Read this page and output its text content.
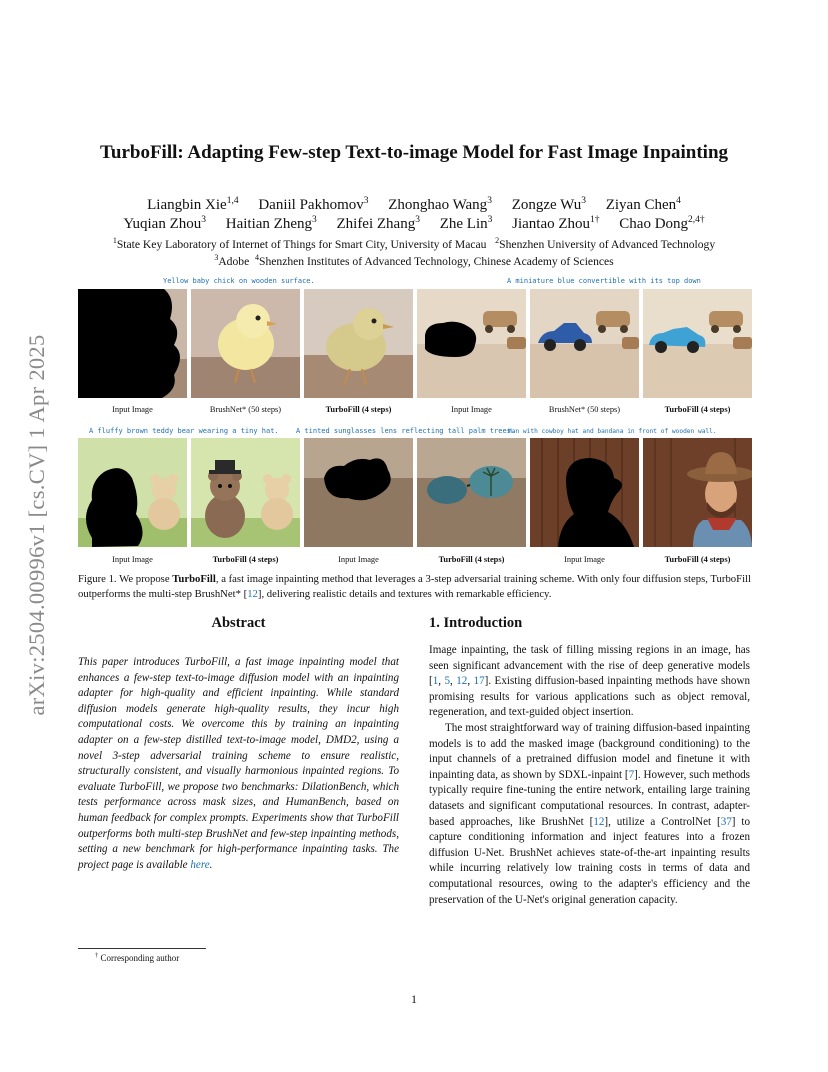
arXiv:2504.00996v1 [cs.CV] 1 Apr 2025
TurboFill: Adapting Few-step Text-to-image Model for Fast Image Inpainting
Liangbin Xie$^{1,4}$ Daniil Pakhomov$^3$ Zhonghao Wang$^3$ Zongze Wu$^3$ Ziyan Chen$^4$
Yuqian Zhou$^3$ Haitian Zheng$^3$ Zhifei Zhang$^3$ Zhe Lin$^3$ Jiantao Zhou$^{1\dagger}$ Chao Dong$^{2,4\dagger}$
$^1$State Key Laboratory of Internet of Things for Smart City, University of Macau $^2$Shenzhen University of Advanced Technology
$^3$Adobe $^4$Shenzhen Institutes of Advanced Technology, Chinese Academy of Sciences
Yellow baby chick on wooden surface.	A miniature blue convertible with its top down
Input Image	BrushNet* (50 steps)	TurboFill (4 steps)	Input Image	BrushNet* (50 steps)	TurboFill (4 steps)
A fluffy brown teddy bear wearing a tiny hat. A tinted sunglasses lens reflecting tall palm trees.
Man with cowboy hat and bandana in front of wooden wall.
Input Image	TurboFill (4 steps)	Input Image	TurboFill (4 steps)	Input Image	TurboFill (4 steps)
Figure 1. We propose TurboFill, a fast image inpainting method that leverages a 3-step adversarial training scheme. With only four diffusion steps, TurboFill outperforms the multi-step BrushNet* [12], delivering realistic details and textures with remarkable efficiency.
Abstract
This paper introduces TurboFill, a fast image inpainting model that enhances a few-step text-to-image diffusion model with an inpainting adapter for high-quality and efficient inpainting. While standard diffusion models generate high-quality results, they incur high computational costs. We overcome this by training an inpainting adapter on a few-step distilled text-to-image model, DMD2, using a novel 3-step adversarial training scheme to ensure realistic, structurally consistent, and visually harmonious inpainted regions. To evaluate TurboFill, we propose two benchmarks: DilationBench, which tests performance across mask sizes, and HumanBench, based on human feedback for complex prompts. Experiments show that TurboFill outperforms both multi-step BrushNet and few-step inpainting methods, setting a new benchmark for high-performance inpainting tasks. The project page is available here.
† Corresponding author
1. Introduction

Image inpainting, the task of filling missing regions in an image, has seen significant advancement with the rise of deep generative models [1, 5, 12, 17]. Existing diffusion-based inpainting methods have shown promising results for various applications such as object removal, regeneration, and text-guided object insertion.

The most straightforward way of training diffusion-based inpainting models is to add the masked image (background conditioning) to the input channels of a pretrained diffusion model and finetune it with inpainting data, as shown by SDXL-inpaint [7]. However, such methods typically require fine-tuning the entire network, entailing large training datasets and significant computational resources. In contrast, adapter-based approaches, like BrushNet [12], utilize a ControlNet [37] to capture conditioning information and inject features into a frozen diffusion U-Net. BrushNet achieves state-of-the-art inpainting results while incurring relatively low training costs in terms of data and computational resources, owing to the adapter's efficiency and the preservation of the U-Net's original generation capacity.

1
